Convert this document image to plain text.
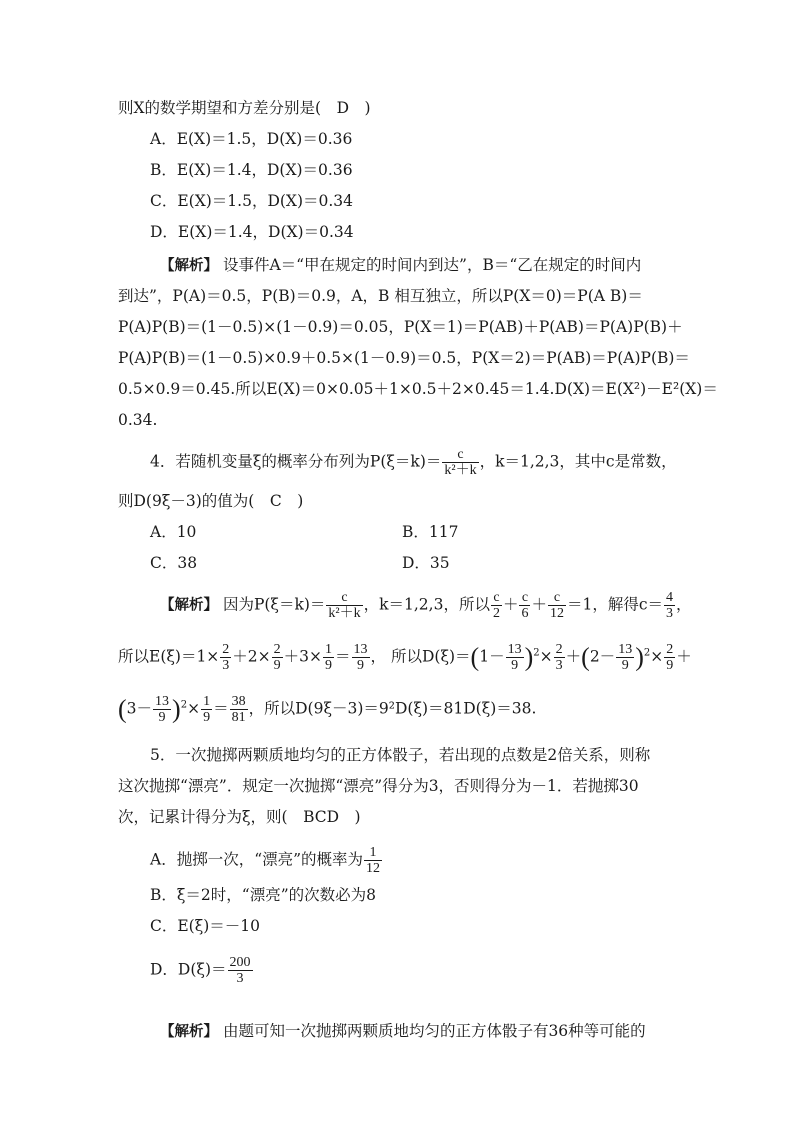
则X的数学期望和方差分别是(　D　)
A．E(X)＝1.5，D(X)＝0.36
B．E(X)＝1.4，D(X)＝0.36
C．E(X)＝1.5，D(X)＝0.34
D．E(X)＝1.4，D(X)＝0.34
【解析】 设事件A＝“甲在规定的时间内到达”，B＝“乙在规定的时间内
到达”，P(A)＝0.5，P(B)＝0.9，A，B 相互独立，所以P(X＝0)＝P(A B)＝
P(A)P(B)＝(1－0.5)×(1－0.9)＝0.05，P(X＝1)＝P(AB)＋P(AB)＝P(A)P(B)＋
P(A)P(B)＝(1－0.5)×0.9＋0.5×(1－0.9)＝0.5，P(X＝2)＝P(AB)＝P(A)P(B)＝
0.5×0.9＝0.45.所以E(X)＝0×0.05＋1×0.5＋2×0.45＝1.4.D(X)＝E(X²)－E²(X)＝
0.34.
4．若随机变量ξ的概率分布列为$P(\xi=k)= \frac{c}{\text{k²＋k}}$ ，k＝1,2,3，其中c是常数，
则D(9ξ－3)的值为(　C　)
A．10	B．117
C．38	D．35
【解析】 因为$P(\xi=k)= \frac{c}{\text{k²＋k}}$ ，k＝1,2,3，所以 $\frac{c}{2} + \frac{c}{6} + \frac{c}{12} =1$，解得$c= \frac{4}{3}$ ，
所以$E(\xi)=1\times \frac{2}{3} +2\times \frac{2}{9} +3\times \frac{1}{9} = \frac{13}{9}$ ， 所以$D(\xi)=(1- \frac{13}{9} )^2\times \frac{2}{3} +(2- \frac{13}{9} )^2\times \frac{2}{9}$ ＋
$(3- \frac{13}{9} )^2\times \frac{1}{9} = \frac{38}{81}$ ，所以D(9ξ－3)＝9²D(ξ)＝81D(ξ)＝38.
5．一次抛掷两颗质地均匀的正方体骰子，若出现的点数是2倍关系，则称
这次抛掷“漂亮”．规定一次抛掷“漂亮”得分为3，否则得分为－1．若抛掷30
次，记累计得分为ξ，则(　BCD　)
A．抛掷一次，“漂亮”的概率为 $\frac{1}{12}$
B．ξ＝2时，“漂亮”的次数必为8
C．E(ξ)＝－10
D．$D(\xi)= \frac{200}{3}$
【解析】 由题可知一次抛掷两颗质地均匀的正方体骰子有36种等可能的
